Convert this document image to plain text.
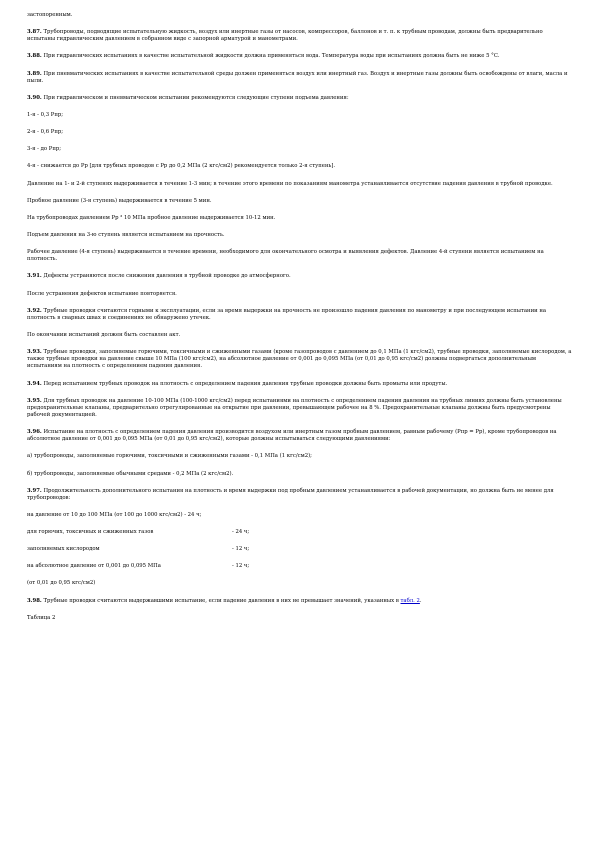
застопоренным.

3.87. Трубопроводы, подводящие испытательную жидкость, воздух или инертные газы от насосов, компрессоров, баллонов и т. п. к трубным проводам, должны быть предварительно испытаны гидравлическим давлением в собранном виде с запорной арматурой и манометрами.

3.88. При гидравлических испытаниях в качестве испытательной жидкости должна применяться вода. Температура воды при испытаниях должна быть не ниже 5 °С.

3.89. При пневматических испытаниях в качестве испытательной среды должен применяться воздух или инертный газ. Воздух и инертные газы должны быть освобождены от влаги, масла и пыли.

3.90. При гидравлическом и пневматическом испытании рекомендуются следующие ступени подъема давления:

1-я - 0,3 Рпр;

2-я - 0,6 Рпр;

3-я - до Рпр;

4-я - снижается до Рр [для трубных проводов с Рр до 0,2 МПа (2 кгс/см2) рекомендуется только 2-я ступень].

Давление на 1- и 2-й ступенях выдерживается в течение 1-3 мин; в течение этого времени по показаниям манометра устанавливается отсутствие падения давления в трубной проводке.

Пробное давление (3-я ступень) выдерживается в течение 5 мин.

На трубопроводах давлением Рр ³ 10 МПа пробное давление выдерживается 10-12 мин.

Подъем давления на 3-ю ступень является испытанием на прочность.

Рабочее давление (4-я ступень) выдерживается в течение времени, необходимого для окончательного осмотра и выявления дефектов. Давление 4-й ступени является испытанием на плотность.

3.91. Дефекты устраняются после снижения давления в трубной проводке до атмосферного.

После устранения дефектов испытание повторяется.

3.92. Трубные проводки считаются годными к эксплуатации, если за время выдержки на прочность не произошло падения давления по манометру и при последующем испытании на плотность в сварных швах и соединениях не обнаружено утечек.

По окончании испытаний должен быть составлен акт.

3.93. Трубные проводки, заполняемые горючими, токсичными и сжиженными газами (кроме газопроводов с давлением до 0,1 МПа (1 кгс/см2), трубные проводки, заполняемые кислородом, а также трубные проводки на давление свыше 10 МПа (100 кгс/см2), на абсолютное давление от 0,001 до 0,095 МПа (от 0,01 до 0,95 кгс/см2) должны подвергаться дополнительным испытаниям на плотность с определением падения давления.

3.94. Перед испытанием трубных проводок на плотность с определением падения давления трубные проводки должны быть промыты или продуты.

3.95. Для трубных проводок на давление 10-100 МПа (100-1000 кгс/см2) перед испытаниями на плотность с определением падения давления на трубных линиях должны быть установлены предохранительные клапаны, предварительно отрегулированные на открытие при давлении, превышающем рабочее на 8 %. Предохранительные клапаны должны быть предусмотрены рабочей документацией.

3.96. Испытание на плотность с определением падения давления производится воздухом или инертным газом пробным давлением, равным рабочему (Рпр = Рр), кроме трубопроводов на абсолютное давление от 0,001 до 0,095 МПа (от 0,01 до 0,95 кгс/см2), которые должны испытываться следующими давлениями:

а) трубопроводы, заполняемые горючими, токсичными и сжиженными газами - 0,1 МПа (1 кгс/см2);

б) трубопроводы, заполняемые обычными средами - 0,2 МПа (2 кгс/см2).

3.97. Продолжительность дополнительного испытания на плотность и время выдержки под пробным давлением устанавливается в рабочей документации, но должна быть не менее для трубопроводов:

на давление от 10 до 100 МПа (от 100 до 1000 кгс/см2) - 24 ч;

для горючих, токсичных и сжиженных газов	- 24 ч;
заполняемых кислородом	- 12 ч;
на абсолютное давление от 0,001 до 0,095 МПа	- 12 ч;

(от 0,01 до 0,95 кгс/см2)

3.98. Трубные проводки считаются выдержавшими испытание, если падение давления в них не превышает значений, указанных в табл. 2.

Таблица 2
